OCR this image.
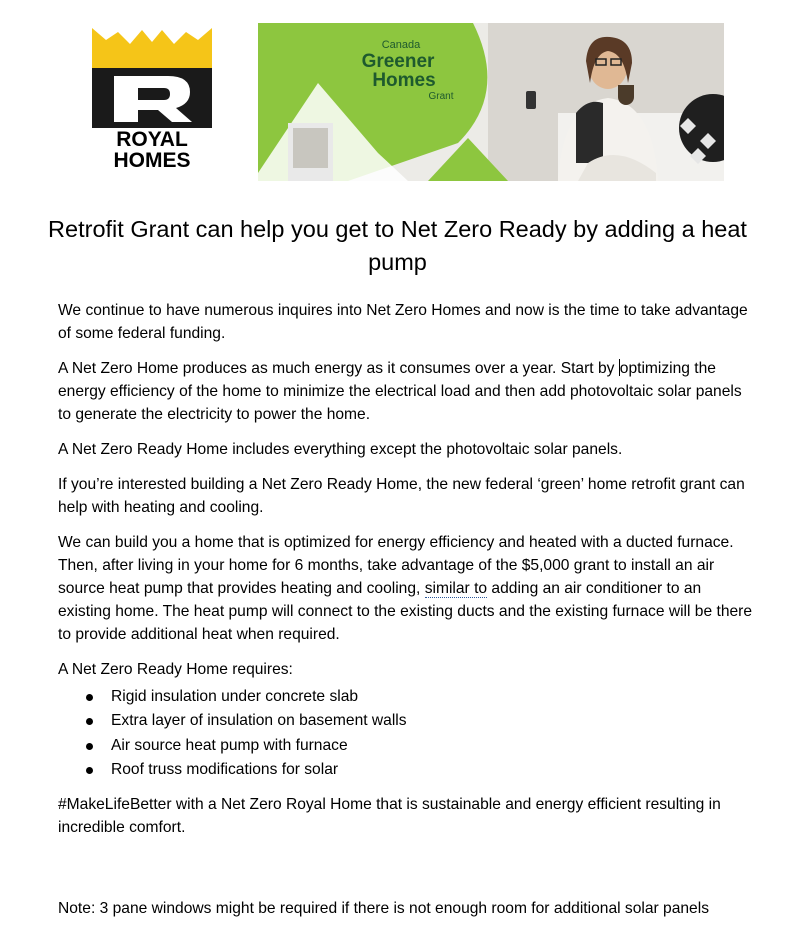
ROYAL
HOMES
Canada
Greener
Homes
Grant
Retrofit Grant can help you get to Net Zero Ready by adding a heat pump

We continue to have numerous inquires into Net Zero Homes and now is the time to take advantage of some federal funding.

A Net Zero Home produces as much energy as it consumes over a year. Start by optimizing the energy efficiency of the home to minimize the electrical load and then add photovoltaic solar panels to generate the electricity to power the home.

A Net Zero Ready Home includes everything except the photovoltaic solar panels.

If you’re interested building a Net Zero Ready Home, the new federal ‘green’ home retrofit grant can help with heating and cooling.

We can build you a home that is optimized for energy efficiency and heated with a ducted furnace. Then, after living in your home for 6 months, take advantage of the $5,000 grant to install an air source heat pump that provides heating and cooling, similar to adding an air conditioner to an existing home. The heat pump will connect to the existing ducts and the existing furnace will be there to provide additional heat when required.

A Net Zero Ready Home requires:

Rigid insulation under concrete slab
Extra layer of insulation on basement walls
Air source heat pump with furnace
Roof truss modifications for solar

#MakeLifeBetter with a Net Zero Royal Home that is sustainable and energy efficient resulting in incredible comfort.

Note: 3 pane windows might be required if there is not enough room for additional solar panels
